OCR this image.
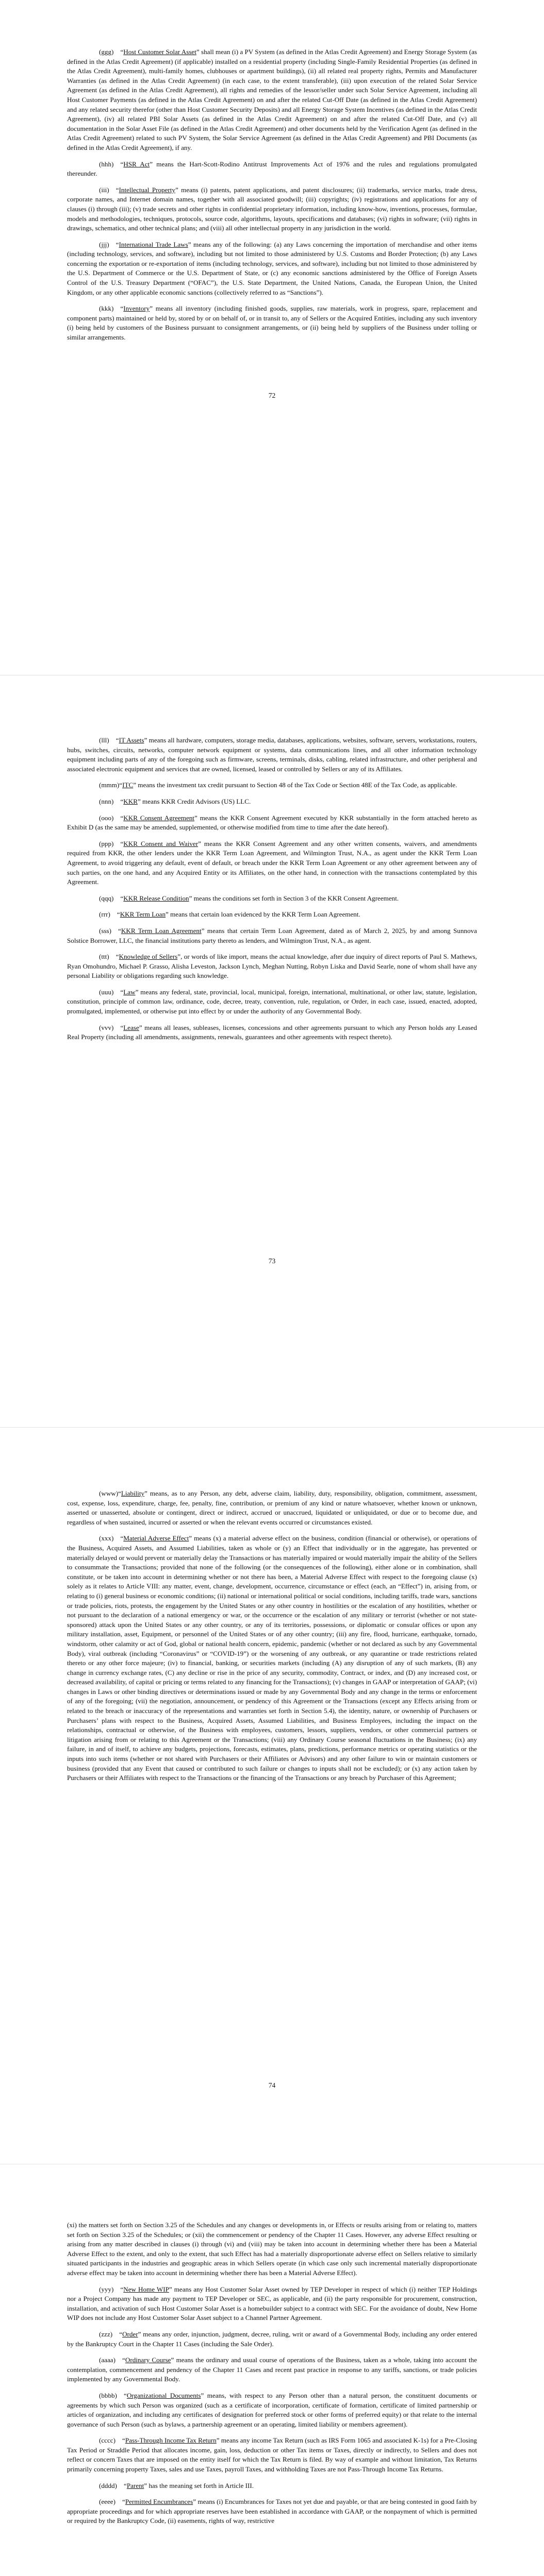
(ggg) “Host Customer Solar Asset” shall mean (i) a PV System (as defined in the Atlas Credit Agreement) and Energy Storage System (as defined in the Atlas Credit Agreement) (if applicable) installed on a residential property (including Single-Family Residential Properties (as defined in the Atlas Credit Agreement), multi-family homes, clubhouses or apartment buildings), (ii) all related real property rights, Permits and Manufacturer Warranties (as defined in the Atlas Credit Agreement) (in each case, to the extent transferable), (iii) upon execution of the related Solar Service Agreement (as defined in the Atlas Credit Agreement), all rights and remedies of the lessor/seller under such Solar Service Agreement, including all Host Customer Payments (as defined in the Atlas Credit Agreement) on and after the related Cut-Off Date (as defined in the Atlas Credit Agreement) and any related security therefor (other than Host Customer Security Deposits) and all Energy Storage System Incentives (as defined in the Atlas Credit Agreement), (iv) all related PBI Solar Assets (as defined in the Atlas Credit Agreement) on and after the related Cut-Off Date, and (v) all documentation in the Solar Asset File (as defined in the Atlas Credit Agreement) and other documents held by the Verification Agent (as defined in the Atlas Credit Agreement) related to such PV System, the Solar Service Agreement (as defined in the Atlas Credit Agreement) and PBI Documents (as defined in the Atlas Credit Agreement), if any.

(hhh) “HSR Act” means the Hart-Scott-Rodino Antitrust Improvements Act of 1976 and the rules and regulations promulgated thereunder.

(iii) “Intellectual Property” means (i) patents, patent applications, and patent disclosures; (ii) trademarks, service marks, trade dress, corporate names, and Internet domain names, together with all associated goodwill; (iii) copyrights; (iv) registrations and applications for any of clauses (i) through (iii); (v) trade secrets and other rights in confidential proprietary information, including know-how, inventions, processes, formulae, models and methodologies, techniques, protocols, source code, algorithms, layouts, specifications and databases; (vi) rights in software; (vii) rights in drawings, schematics, and other technical plans; and (viii) all other intellectual property in any jurisdiction in the world.

(jjj) “International Trade Laws” means any of the following: (a) any Laws concerning the importation of merchandise and other items (including technology, services, and software), including but not limited to those administered by U.S. Customs and Border Protection; (b) any Laws concerning the exportation or re-exportation of items (including technology, services, and software), including but not limited to those administered by the U.S. Department of Commerce or the U.S. Department of State, or (c) any economic sanctions administered by the Office of Foreign Assets Control of the U.S. Treasury Department (“OFAC”), the U.S. State Department, the United Nations, Canada, the European Union, the United Kingdom, or any other applicable economic sanctions (collectively referred to as “Sanctions”).

(kkk) “Inventory” means all inventory (including finished goods, supplies, raw materials, work in progress, spare, replacement and component parts) maintained or held by, stored by or on behalf of, or in transit to, any of Sellers or the Acquired Entities, including any such inventory (i) being held by customers of the Business pursuant to consignment arrangements, or (ii) being held by suppliers of the Business under tolling or similar arrangements.

72

(lll) “IT Assets” means all hardware, computers, storage media, databases, applications, websites, software, servers, workstations, routers, hubs, switches, circuits, networks, computer network equipment or systems, data communications lines, and all other information technology equipment including parts of any of the foregoing such as firmware, screens, terminals, disks, cabling, related infrastructure, and other peripheral and associated electronic equipment and services that are owned, licensed, leased or controlled by Sellers or any of its Affiliates.

(mmm)“ITC” means the investment tax credit pursuant to Section 48 of the Tax Code or Section 48E of the Tax Code, as applicable.

(nnn) “KKR” means KKR Credit Advisors (US) LLC.

(ooo) “KKR Consent Agreement” means the KKR Consent Agreement executed by KKR substantially in the form attached hereto as Exhibit D (as the same may be amended, supplemented, or otherwise modified from time to time after the date hereof).

(ppp) “KKR Consent and Waiver” means the KKR Consent Agreement and any other written consents, waivers, and amendments required from KKR, the other lenders under the KKR Term Loan Agreement, and Wilmington Trust, N.A., as agent under the KKR Term Loan Agreement, to avoid triggering any default, event of default, or breach under the KKR Term Loan Agreement or any other agreement between any of such parties, on the one hand, and any Acquired Entity or its Affiliates, on the other hand, in connection with the transactions contemplated by this Agreement.

(qqq) “KKR Release Condition” means the conditions set forth in Section 3 of the KKR Consent Agreement.

(rrr) “KKR Term Loan” means that certain loan evidenced by the KKR Term Loan Agreement.

(sss) “KKR Term Loan Agreement” means that certain Term Loan Agreement, dated as of March 2, 2025, by and among Sunnova Solstice Borrower, LLC, the financial institutions party thereto as lenders, and Wilmington Trust, N.A., as agent.

(ttt) “Knowledge of Sellers”, or words of like import, means the actual knowledge, after due inquiry of direct reports of Paul S. Mathews, Ryan Omohundro, Michael P. Grasso, Alisha Leveston, Jackson Lynch, Meghan Nutting, Robyn Liska and David Searle, none of whom shall have any personal Liability or obligations regarding such knowledge.

(uuu) “Law” means any federal, state, provincial, local, municipal, foreign, international, multinational, or other law, statute, legislation, constitution, principle of common law, ordinance, code, decree, treaty, convention, rule, regulation, or Order, in each case, issued, enacted, adopted, promulgated, implemented, or otherwise put into effect by or under the authority of any Governmental Body.

(vvv) “Lease” means all leases, subleases, licenses, concessions and other agreements pursuant to which any Person holds any Leased Real Property (including all amendments, assignments, renewals, guarantees and other agreements with respect thereto).

73

(www)“Liability” means, as to any Person, any debt, adverse claim, liability, duty, responsibility, obligation, commitment, assessment, cost, expense, loss, expenditure, charge, fee, penalty, fine, contribution, or premium of any kind or nature whatsoever, whether known or unknown, asserted or unasserted, absolute or contingent, direct or indirect, accrued or unaccrued, liquidated or unliquidated, or due or to become due, and regardless of when sustained, incurred or asserted or when the relevant events occurred or circumstances existed.

(xxx) “Material Adverse Effect” means (x) a material adverse effect on the business, condition (financial or otherwise), or operations of the Business, Acquired Assets, and Assumed Liabilities, taken as whole or (y) an Effect that individually or in the aggregate, has prevented or materially delayed or would prevent or materially delay the Transactions or has materially impaired or would materially impair the ability of the Sellers to consummate the Transactions; provided that none of the following (or the consequences of the following), either alone or in combination, shall constitute, or be taken into account in determining whether or not there has been, a Material Adverse Effect with respect to the foregoing clause (x) solely as it relates to Article VIII: any matter, event, change, development, occurrence, circumstance or effect (each, an “Effect”) in, arising from, or relating to (i) general business or economic conditions; (ii) national or international political or social conditions, including tariffs, trade wars, sanctions or trade policies, riots, protests, the engagement by the United States or any other country in hostilities or the escalation of any hostilities, whether or not pursuant to the declaration of a national emergency or war, or the occurrence or the escalation of any military or terrorist (whether or not state-sponsored) attack upon the United States or any other country, or any of its territories, possessions, or diplomatic or consular offices or upon any military installation, asset, Equipment, or personnel of the United States or of any other country; (iii) any fire, flood, hurricane, earthquake, tornado, windstorm, other calamity or act of God, global or national health concern, epidemic, pandemic (whether or not declared as such by any Governmental Body), viral outbreak (including “Coronavirus” or “COVID-19”) or the worsening of any outbreak, or any quarantine or trade restrictions related thereto or any other force majeure; (iv) to financial, banking, or securities markets (including (A) any disruption of any of such markets, (B) any change in currency exchange rates, (C) any decline or rise in the price of any security, commodity, Contract, or index, and (D) any increased cost, or decreased availability, of capital or pricing or terms related to any financing for the Transactions); (v) changes in GAAP or interpretation of GAAP; (vi) changes in Laws or other binding directives or determinations issued or made by any Governmental Body and any change in the terms or enforcement of any of the foregoing; (vii) the negotiation, announcement, or pendency of this Agreement or the Transactions (except any Effects arising from or related to the breach or inaccuracy of the representations and warranties set forth in Section 5.4), the identity, nature, or ownership of Purchasers or Purchasers’ plans with respect to the Business, Acquired Assets, Assumed Liabilities, and Business Employees, including the impact on the relationships, contractual or otherwise, of the Business with employees, customers, lessors, suppliers, vendors, or other commercial partners or litigation arising from or relating to this Agreement or the Transactions; (viii) any Ordinary Course seasonal fluctuations in the Business; (ix) any failure, in and of itself, to achieve any budgets, projections, forecasts, estimates, plans, predictions, performance metrics or operating statistics or the inputs into such items (whether or not shared with Purchasers or their Affiliates or Advisors) and any other failure to win or maintain customers or business (provided that any Event that caused or contributed to such failure or changes to inputs shall not be excluded); or (x) any action taken by Purchasers or their Affiliates with respect to the Transactions or the financing of the Transactions or any breach by Purchaser of this Agreement;

74

(xi) the matters set forth on Section 3.25 of the Schedules and any changes or developments in, or Effects or results arising from or relating to, matters set forth on Section 3.25 of the Schedules; or (xii) the commencement or pendency of the Chapter 11 Cases. However, any adverse Effect resulting or arising from any matter described in clauses (i) through (vi) and (viii) may be taken into account in determining whether there has been a Material Adverse Effect to the extent, and only to the extent, that such Effect has had a materially disproportionate adverse effect on Sellers relative to similarly situated participants in the industries and geographic areas in which Sellers operate (in which case only such incremental materially disproportionate adverse effect may be taken into account in determining whether there has been a Material Adverse Effect).

(yyy) “New Home WIP” means any Host Customer Solar Asset owned by TEP Developer in respect of which (i) neither TEP Holdings nor a Project Company has made any payment to TEP Developer or SEC, as applicable, and (ii) the party responsible for procurement, construction, installation, and activation of such Host Customer Solar Asset is a homebuilder subject to a contract with SEC. For the avoidance of doubt, New Home WIP does not include any Host Customer Solar Asset subject to a Channel Partner Agreement.

(zzz) “Order” means any order, injunction, judgment, decree, ruling, writ or award of a Governmental Body, including any order entered by the Bankruptcy Court in the Chapter 11 Cases (including the Sale Order).

(aaaa) “Ordinary Course” means the ordinary and usual course of operations of the Business, taken as a whole, taking into account the contemplation, commencement and pendency of the Chapter 11 Cases and recent past practice in response to any tariffs, sanctions, or trade policies implemented by any Governmental Body.

(bbbb) “Organizational Documents” means, with respect to any Person other than a natural person, the constituent documents or agreements by which such Person was organized (such as a certificate of incorporation, certificate of formation, certificate of limited partnership or articles of organization, and including any certificates of designation for preferred stock or other forms of preferred equity) or that relate to the internal governance of such Person (such as bylaws, a partnership agreement or an operating, limited liability or members agreement).

(cccc) “Pass-Through Income Tax Return” means any income Tax Return (such as IRS Form 1065 and associated K-1s) for a Pre-Closing Tax Period or Straddle Period that allocates income, gain, loss, deduction or other Tax items or Taxes, directly or indirectly, to Sellers and does not reflect or concern Taxes that are imposed on the entity itself for which the Tax Return is filed. By way of example and without limitation, Tax Returns primarily concerning property Taxes, sales and use Taxes, payroll Taxes, and withholding Taxes are not Pass-Through Income Tax Returns.

(dddd) “Parent” has the meaning set forth in Article III.

(eeee) “Permitted Encumbrances” means (i) Encumbrances for Taxes not yet due and payable, or that are being contested in good faith by appropriate proceedings and for which appropriate reserves have been established in accordance with GAAP, or the nonpayment of which is permitted or required by the Bankruptcy Code, (ii) easements, rights of way, restrictive
